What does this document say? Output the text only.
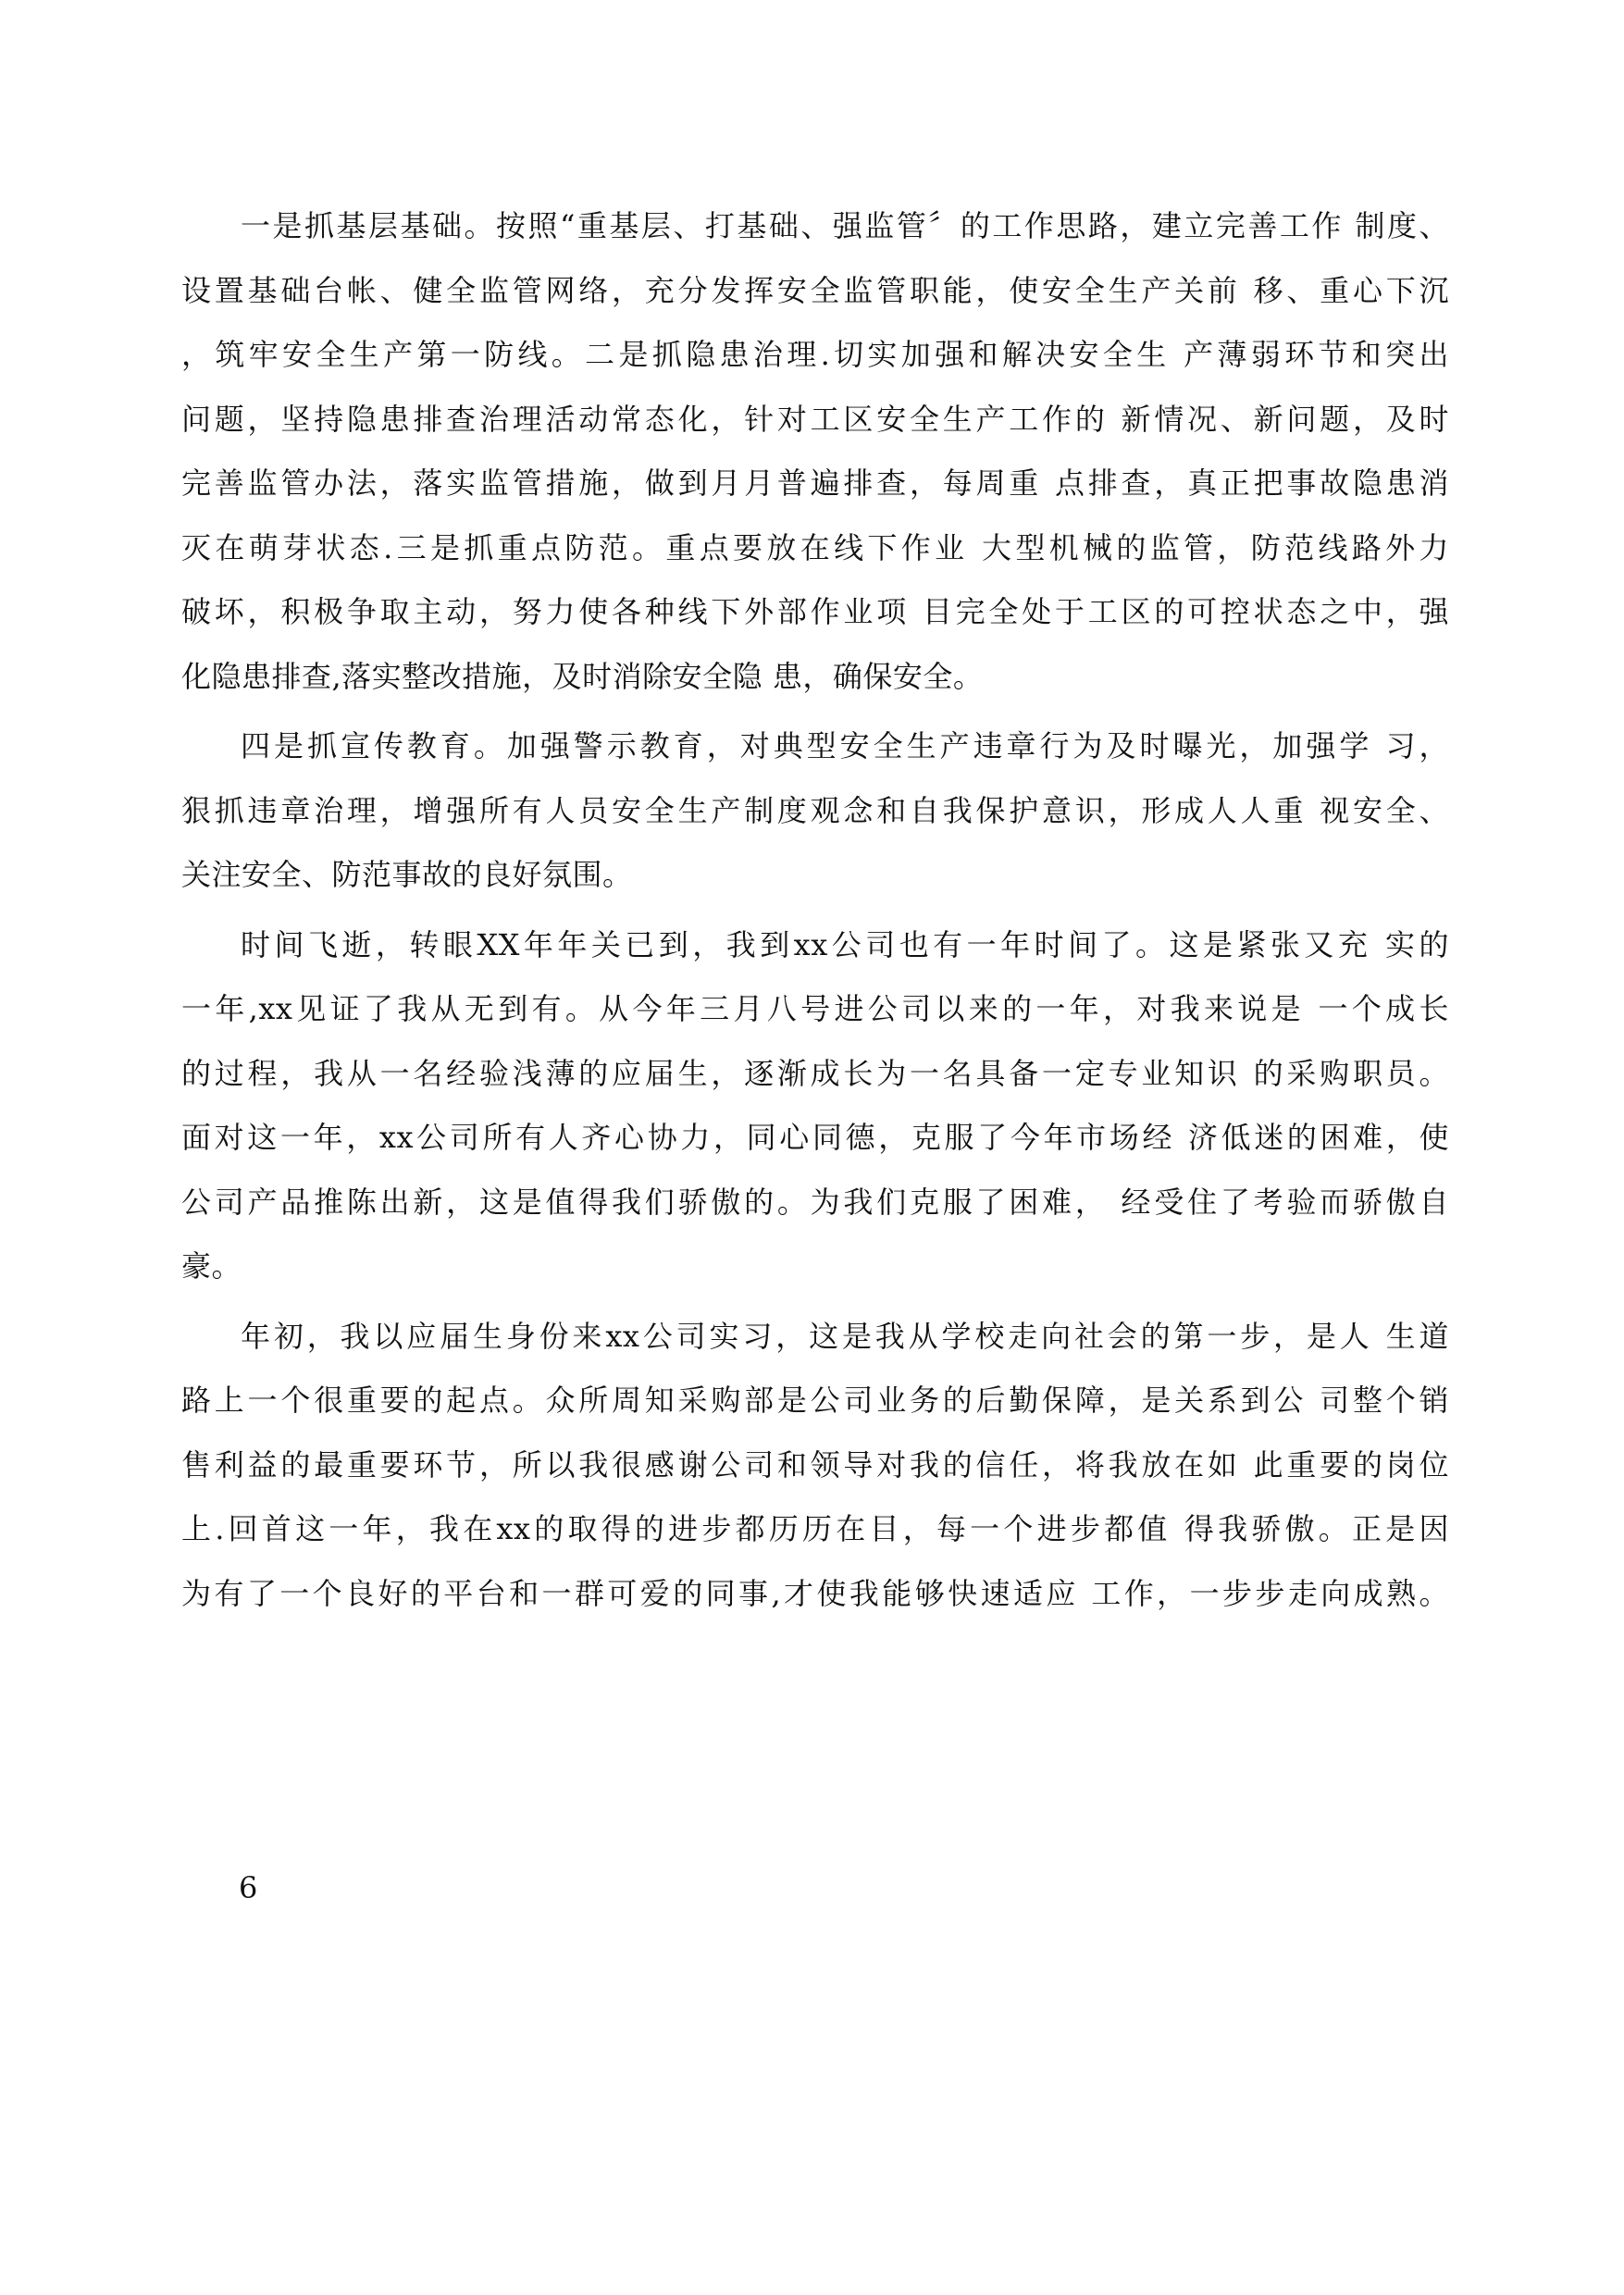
一是抓基层基础。按照“重基层、打基础、强监管〞的工作思路，建立完善工作 制度、
设置基础台帐、健全监管网络，充分发挥安全监管职能，使安全生产关前 移、重心下沉
，筑牢安全生产第一防线。二是抓隐患治理.切实加强和解决安全生 产薄弱环节和突出
问题，坚持隐患排查治理活动常态化，针对工区安全生产工作的 新情况、新问题，及时
完善监管办法，落实监管措施，做到月月普遍排查，每周重 点排查，真正把事故隐患消
灭在萌芽状态.三是抓重点防范。重点要放在线下作业 大型机械的监管，防范线路外力
破坏，积极争取主动，努力使各种线下外部作业项 目完全处于工区的可控状态之中，强
化隐患排查,落实整改措施，及时消除安全隐 患，确保安全。

四是抓宣传教育。加强警示教育，对典型安全生产违章行为及时曝光，加强学 习，
狠抓违章治理，增强所有人员安全生产制度观念和自我保护意识，形成人人重 视安全、
关注安全、防范事故的良好氛围。

时间飞逝，转眼XX年年关已到，我到xx公司也有一年时间了。这是紧张又充 实的
一年,xx见证了我从无到有。从今年三月八号进公司以来的一年，对我来说是 一个成长
的过程，我从一名经验浅薄的应届生，逐渐成长为一名具备一定专业知识 的采购职员。
面对这一年，xx公司所有人齐心协力，同心同德，克服了今年市场经 济低迷的困难，使
公司产品推陈出新，这是值得我们骄傲的。为我们克服了困难， 经受住了考验而骄傲自
豪。

年初，我以应届生身份来xx公司实习，这是我从学校走向社会的第一步，是人 生道
路上一个很重要的起点。众所周知采购部是公司业务的后勤保障，是关系到公 司整个销
售利益的最重要环节，所以我很感谢公司和领导对我的信任，将我放在如 此重要的岗位
上.回首这一年，我在xx的取得的进步都历历在目，每一个进步都值 得我骄傲。正是因
为有了一个良好的平台和一群可爱的同事,才使我能够快速适应 工作，一步步走向成熟。

6
